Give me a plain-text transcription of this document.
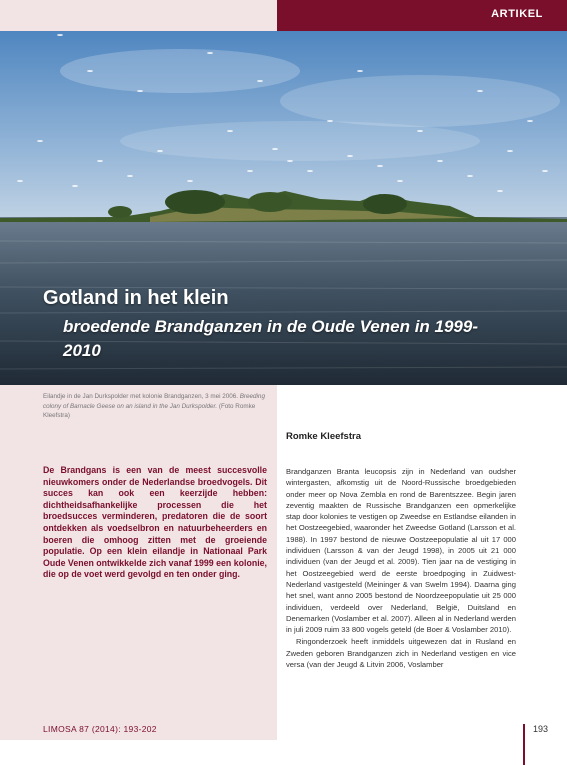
ARTIKEL
Gotland in het klein
broedende Brandganzen in de Oude Venen in 1999-2010
Eilandje in de Jan Durkspolder met kolonie Brandganzen, 3 mei 2006. Breeding colony of Barnacle Geese on an island in the Jan Durkspolder. (Foto Romke Kleefstra)
Romke Kleefstra
De Brandgans is een van de meest succesvolle nieuwkomers onder de Nederlandse broedvogels. Dit succes kan ook een keerzijde hebben: dichtheidsafhankelijke processen die het broedsucces verminderen, predatoren die de soort ontdekken als voedselbron en natuurbeheerders en boeren die omhoog zitten met de groeiende populatie. Op een klein eilandje in Nationaal Park Oude Venen ontwikkelde zich vanaf 1999 een kolonie, die op de voet werd gevolgd en ten onder ging.

Brandganzen Branta leucopsis zijn in Nederland van oudsher wintergasten, afkomstig uit de Noord-Russische broedgebieden onder meer op Nova Zembla en rond de Barentszzee. Begin jaren zeventig maakten de Russische Brandganzen een opmerkelijke stap door kolonies te vestigen op Zweedse en Estlandse eilanden in het Oostzeegebied, waaronder het Zweedse Gotland (Larsson et al. 1988). In 1997 bestond de nieuwe Oostzeepopulatie al uit 17 000 individuen (Larsson & van der Jeugd 1998), in 2005 uit 21 000 individuen (van der Jeugd et al. 2009). Tien jaar na de vestiging in het Oostzeegebied werd de eerste broedpoging in Zuidwest-Nederland vastgesteld (Meininger & van Swelm 1994). Daarna ging het snel, want anno 2005 bestond de Noordzeepopulatie uit 25 000 individuen, verdeeld over Nederland, België, Duitsland en Denemarken (Voslamber et al. 2007). Alleen al in Nederland werden in juli 2009 ruim 33 800 vogels geteld (de Boer & Voslamber 2010).

Ringonderzoek heeft inmiddels uitgewezen dat in Rusland en Zweden geboren Brandganzen zich in Nederland vestigen en vice versa (van der Jeugd & Litvin 2006, Voslamber

LIMOSA 87 (2014): 193-202	193
